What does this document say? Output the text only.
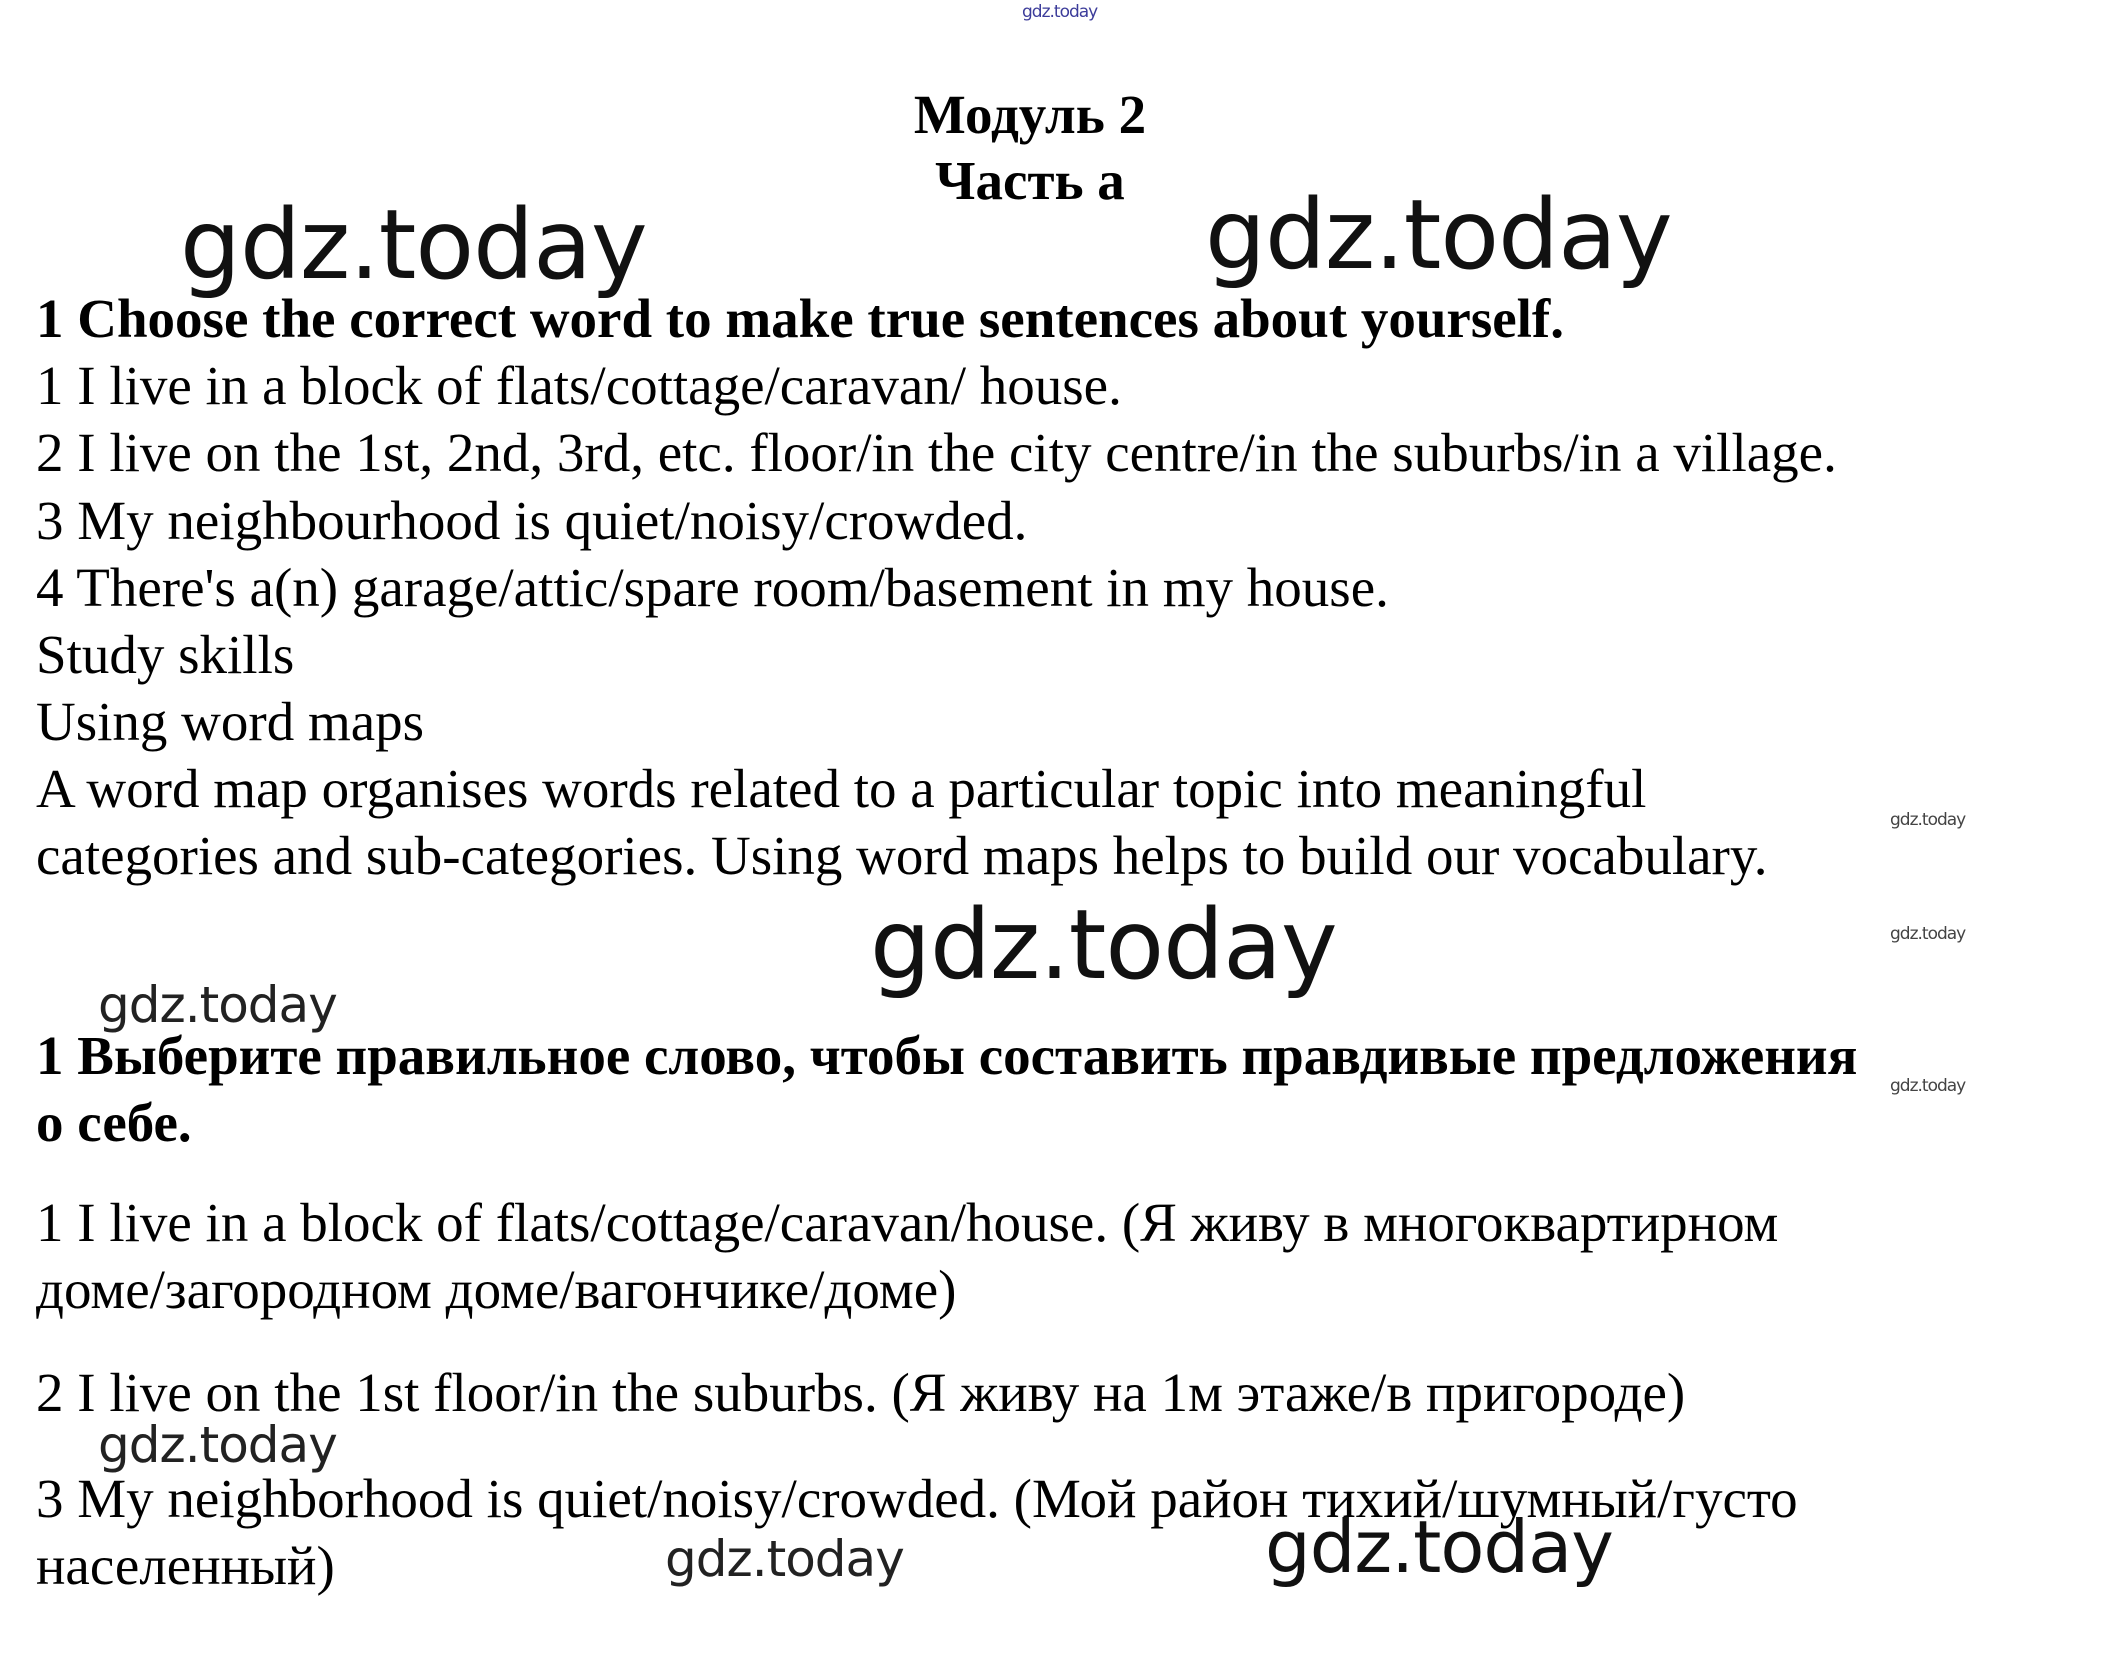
gdz.today
Модуль 2
Часть а
gdz.today	gdz.today
1 Choose the correct word to make true sentences about yourself.
1 I live in a block of flats/cottage/caravan/ house.
2 I live on the 1st, 2nd, 3rd, etc. floor/in the city centre/in the suburbs/in a village.
3 My neighbourhood is quiet/noisy/crowded.
4 There's a(n) garage/attic/spare room/basement in my house.
Study skills
Using word maps
A word map organises words related to a particular topic into meaningful
categories and sub-categories. Using word maps helps to build our vocabulary.
gdz.today
gdz.today
gdz.today
gdz.today
gdz.today
1 Выберите правильное слово, чтобы составить правдивые предложения
о себе.
1 I live in a block of flats/cottage/caravan/house. (Я живу в многоквартирном
доме/загородном доме/вагончике/доме)
2 I live on the 1st floor/in the suburbs. (Я живу на 1м этаже/в пригороде)
gdz.today
3 My neighborhood is quiet/noisy/crowded. (Мой район тихий/шумный/густо
населенный)	gdz.today	gdz.today
